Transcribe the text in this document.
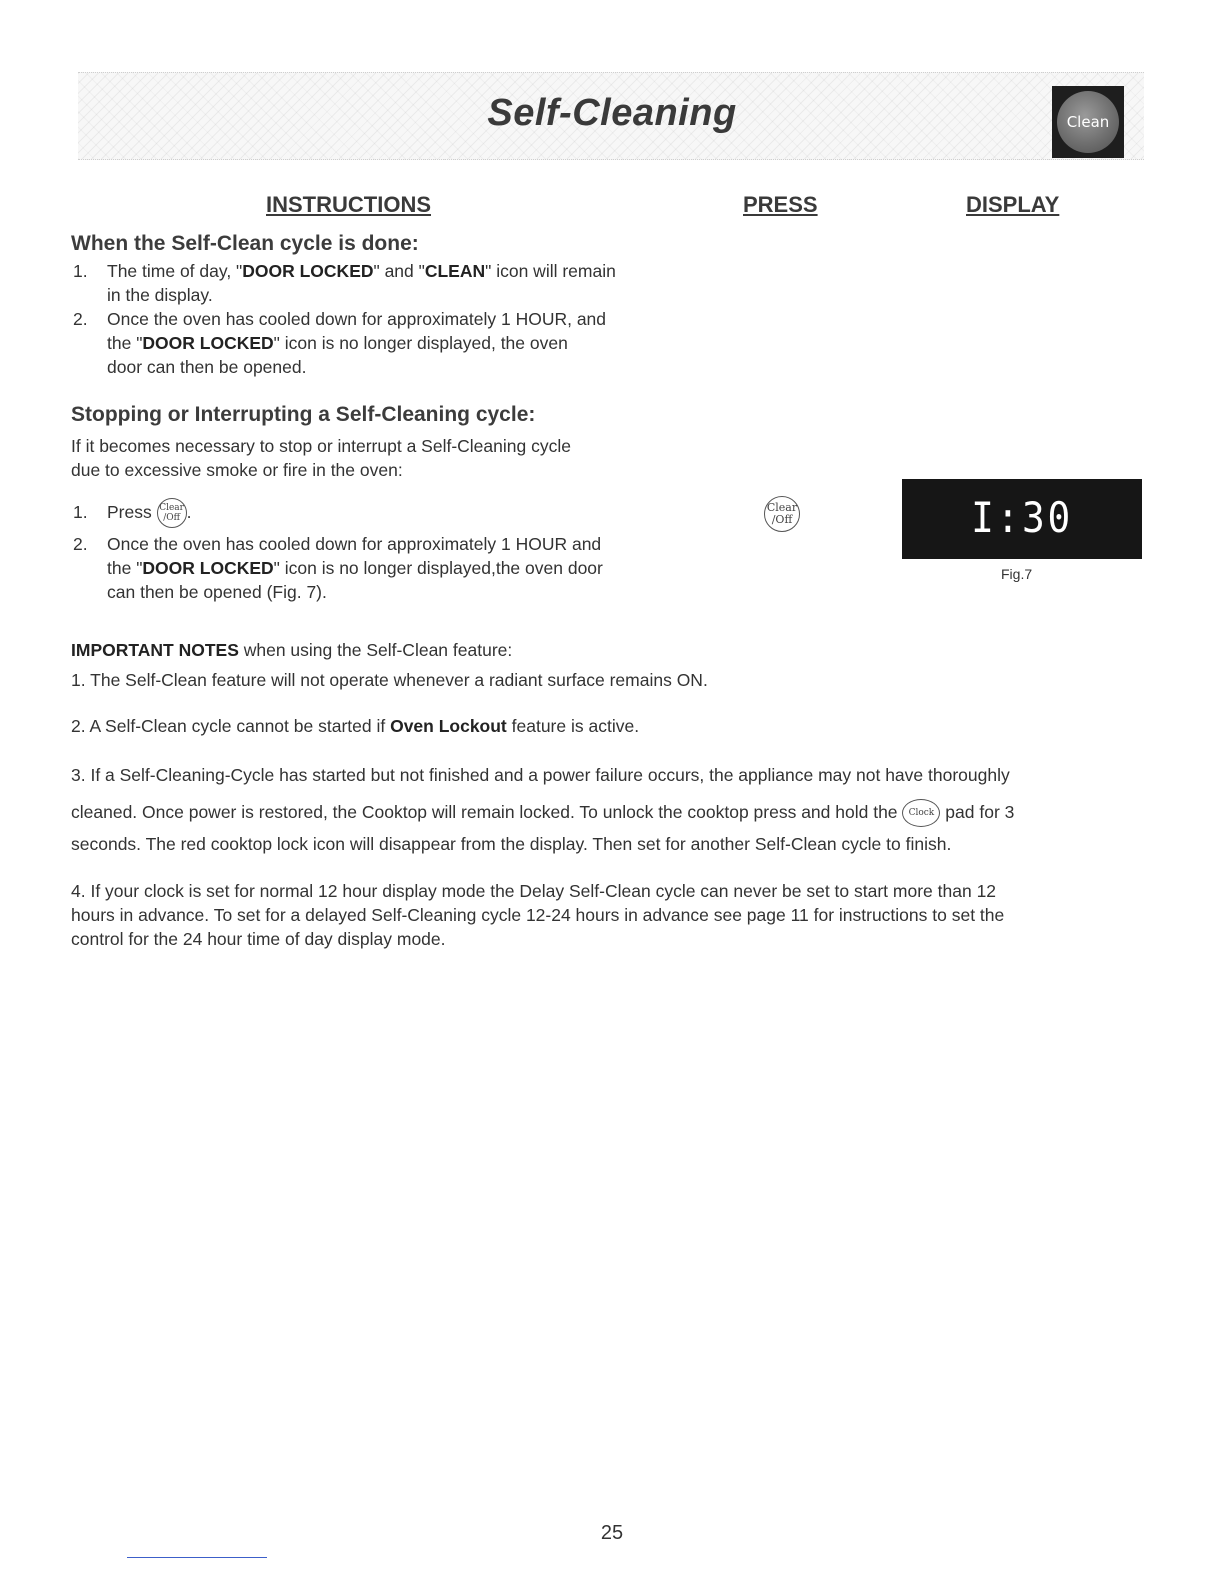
Self-Cleaning	Clean
INSTRUCTIONS	PRESS	DISPLAY
When the Self-Clean cycle is done:
1. The time of day, "DOOR LOCKED" and "CLEAN" icon will remain
in the display.
2. Once the oven has cooled down for approximately 1 HOUR, and
the "DOOR LOCKED" icon is no longer displayed, the oven
door can then be opened.
Stopping or Interrupting a Self-Cleaning cycle:
If it becomes necessary to stop or interrupt a Self-Cleaning cycle
due to excessive smoke or fire in the oven:
1. Press Clear
/Off .
2. Once the oven has cooled down for approximately 1 HOUR and
the "DOOR LOCKED" icon is no longer displayed,the oven door
can then be opened (Fig. 7).
Clear
/Off	I:30
Fig.7
IMPORTANT NOTES when using the Self-Clean feature:
1. The Self-Clean feature will not operate whenever a radiant surface remains ON.
2. A Self-Clean cycle cannot be started if Oven Lockout feature is active.
3. If a Self-Cleaning-Cycle has started but not finished and a power failure occurs, the appliance may not have thoroughly
cleaned. Once power is restored, the Cooktop will remain locked. To unlock the cooktop press and hold the Clock pad for 3
seconds. The red cooktop lock icon will disappear from the display. Then set for another Self-Clean cycle to finish.
4. If your clock is set for normal 12 hour display mode the Delay Self-Clean cycle can never be set to start more than 12
hours in advance. To set for a delayed Self-Cleaning cycle 12-24 hours in advance see page 11 for instructions to set the
control for the 24 hour time of day display mode.
25
